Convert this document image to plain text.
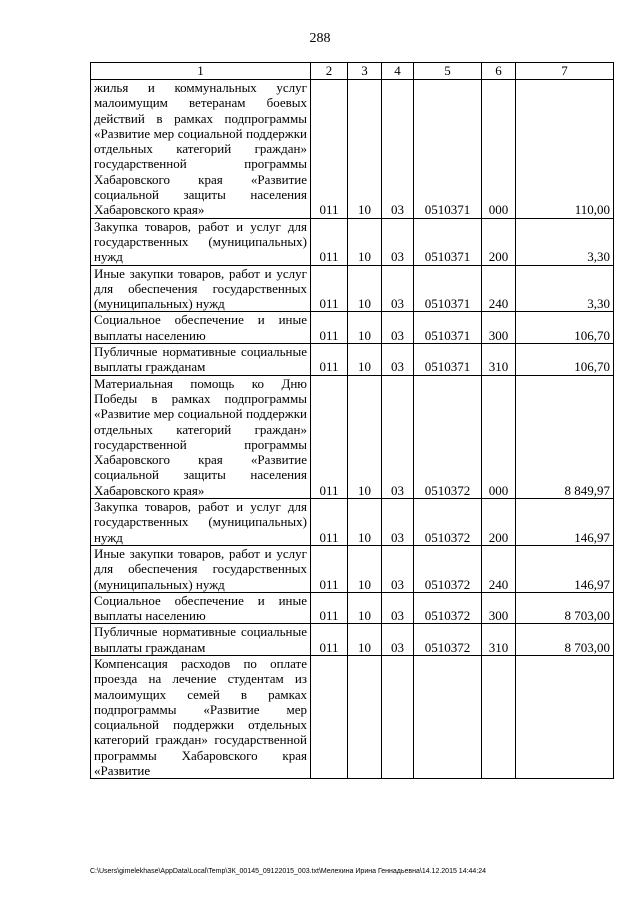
288
1	2	3	4	5	6	7
жилья и коммунальных услуг малоимущим ветеранам боевых действий в рамках подпрограммы «Развитие мер социальной поддержки отдельных категорий граждан» государственной программы Хабаровского края «Развитие социальной защиты населения Хабаровского края»	011	10	03	0510371	000	110,00
Закупка товаров, работ и услуг для государственных (муниципальных) нужд	011	10	03	0510371	200	3,30
Иные закупки товаров, работ и услуг для обеспечения государственных (муниципальных) нужд	011	10	03	0510371	240	3,30
Социальное обеспечение и иные выплаты населению	011	10	03	0510371	300	106,70
Публичные нормативные социальные выплаты гражданам	011	10	03	0510371	310	106,70
Материальная помощь ко Дню Победы в рамках подпрограммы «Развитие мер социальной поддержки отдельных категорий граждан» государственной программы Хабаровского края «Развитие социальной защиты населения Хабаровского края»	011	10	03	0510372	000	8 849,97
Закупка товаров, работ и услуг для государственных (муниципальных) нужд	011	10	03	0510372	200	146,97
Иные закупки товаров, работ и услуг для обеспечения государственных (муниципальных) нужд	011	10	03	0510372	240	146,97
Социальное обеспечение и иные выплаты населению	011	10	03	0510372	300	8 703,00
Публичные нормативные социальные выплаты гражданам	011	10	03	0510372	310	8 703,00
Компенсация расходов по оплате проезда на лечение студентам из малоимущих семей в рамках подпрограммы «Развитие мер социальной поддержки отдельных категорий граждан» государственной программы Хабаровского края «Развитие						
C:\Users\gimelekhase\AppData\Local\Temp\ЗК_00145_09122015_003.txt\Мелехина Ирина Геннадьевна\14.12.2015 14:44:24
